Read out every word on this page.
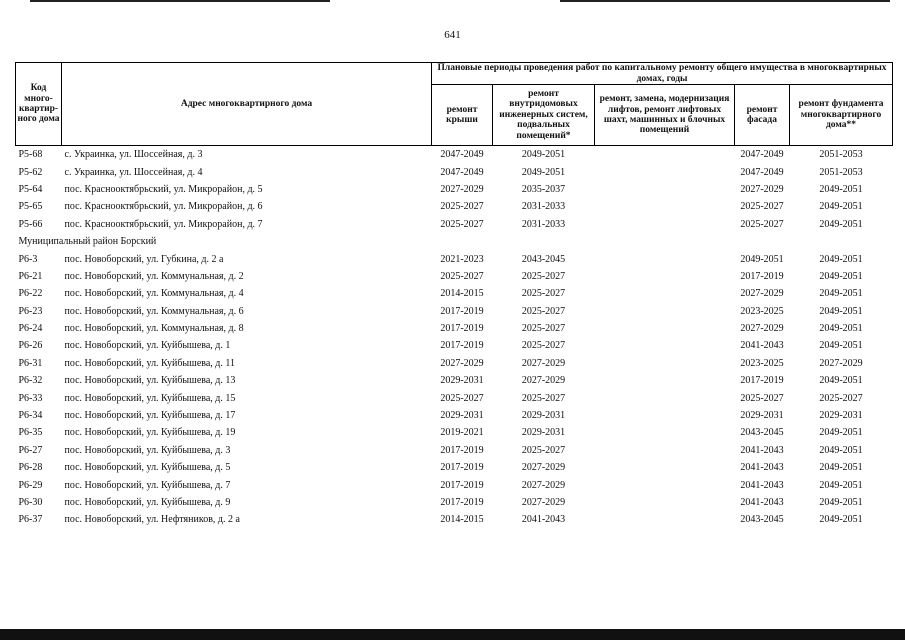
641
Код много-квартир-ного дома	Адрес многоквартирного дома	Плановые периоды проведения работ по капитальному ремонту общего имущества в многоквартирных домах, годы				
		ремонт крыши	ремонт внутридомовых инженерных систем, подвальных помещений*	ремонт, замена, модернизация лифтов, ремонт лифтовых шахт, машинных и блочных помещений	ремонт фасада	ремонт фундамента многоквартирного дома**
Р5-68	с. Украинка, ул. Шоссейная, д. 3	2047-2049	2049-2051		2047-2049	2051-2053
Р5-62	с. Украинка, ул. Шоссейная, д. 4	2047-2049	2049-2051		2047-2049	2051-2053
Р5-64	пос. Краснооктябрьский, ул. Микрорайон, д. 5	2027-2029	2035-2037		2027-2029	2049-2051
Р5-65	пос. Краснооктябрьский, ул. Микрорайон, д. 6	2025-2027	2031-2033		2025-2027	2049-2051
Р5-66	пос. Краснооктябрьский, ул. Микрорайон, д. 7	2025-2027	2031-2033		2025-2027	2049-2051
Муниципальный район Борский						
Р6-3	пос. Новоборский, ул. Губкина, д. 2 а	2021-2023	2043-2045		2049-2051	2049-2051
Р6-21	пос. Новоборский, ул. Коммунальная, д. 2	2025-2027	2025-2027		2017-2019	2049-2051
Р6-22	пос. Новоборский, ул. Коммунальная, д. 4	2014-2015	2025-2027		2027-2029	2049-2051
Р6-23	пос. Новоборский, ул. Коммунальная, д. 6	2017-2019	2025-2027		2023-2025	2049-2051
Р6-24	пос. Новоборский, ул. Коммунальная, д. 8	2017-2019	2025-2027		2027-2029	2049-2051
Р6-26	пос. Новоборский, ул. Куйбышева, д. 1	2017-2019	2025-2027		2041-2043	2049-2051
Р6-31	пос. Новоборский, ул. Куйбышева, д. 11	2027-2029	2027-2029		2023-2025	2027-2029
Р6-32	пос. Новоборский, ул. Куйбышева, д. 13	2029-2031	2027-2029		2017-2019	2049-2051
Р6-33	пос. Новоборский, ул. Куйбышева, д. 15	2025-2027	2025-2027		2025-2027	2025-2027
Р6-34	пос. Новоборский, ул. Куйбышева, д. 17	2029-2031	2029-2031		2029-2031	2029-2031
Р6-35	пос. Новоборский, ул. Куйбышева, д. 19	2019-2021	2029-2031		2043-2045	2049-2051
Р6-27	пос. Новоборский, ул. Куйбышева, д. 3	2017-2019	2025-2027		2041-2043	2049-2051
Р6-28	пос. Новоборский, ул. Куйбышева, д. 5	2017-2019	2027-2029		2041-2043	2049-2051
Р6-29	пос. Новоборский, ул. Куйбышева, д. 7	2017-2019	2027-2029		2041-2043	2049-2051
Р6-30	пос. Новоборский, ул. Куйбышева, д. 9	2017-2019	2027-2029		2041-2043	2049-2051
Р6-37	пос. Новоборский, ул. Нефтяников, д. 2 а	2014-2015	2041-2043		2043-2045	2049-2051
